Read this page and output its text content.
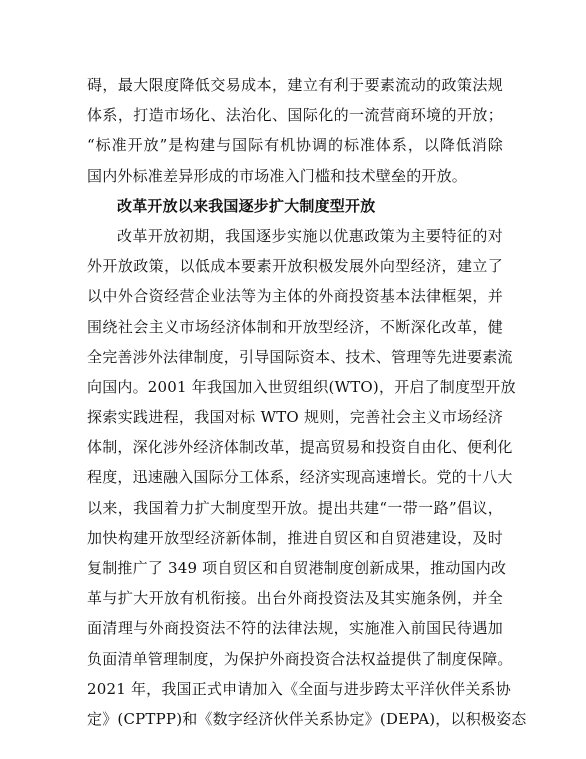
碍，最大限度降低交易成本，建立有利于要素流动的政策法规
体系，打造市场化、法治化、国际化的一流营商环境的开放；
“标准开放”是构建与国际有机协调的标准体系，以降低消除
国内外标准差异形成的市场准入门槛和技术壁垒的开放。
改革开放以来我国逐步扩大制度型开放
改革开放初期，我国逐步实施以优惠政策为主要特征的对
外开放政策，以低成本要素开放积极发展外向型经济，建立了
以中外合资经营企业法等为主体的外商投资基本法律框架，并
围绕社会主义市场经济体制和开放型经济，不断深化改革，健
全完善涉外法律制度，引导国际资本、技术、管理等先进要素流
向国内。2001 年我国加入世贸组织(WTO)，开启了制度型开放
探索实践进程，我国对标 WTO 规则，完善社会主义市场经济
体制，深化涉外经济体制改革，提高贸易和投资自由化、便利化
程度，迅速融入国际分工体系，经济实现高速增长。党的十八大
以来，我国着力扩大制度型开放。提出共建“一带一路”倡议，
加快构建开放型经济新体制，推进自贸区和自贸港建设，及时
复制推广了 349 项自贸区和自贸港制度创新成果，推动国内改
革与扩大开放有机衔接。出台外商投资法及其实施条例，并全
面清理与外商投资法不符的法律法规，实施准入前国民待遇加
负面清单管理制度，为保护外商投资合法权益提供了制度保障。
2021 年，我国正式申请加入《全面与进步跨太平洋伙伴关系协
定》(CPTPP)和《数字经济伙伴关系协定》(DEPA)，以积极姿态
